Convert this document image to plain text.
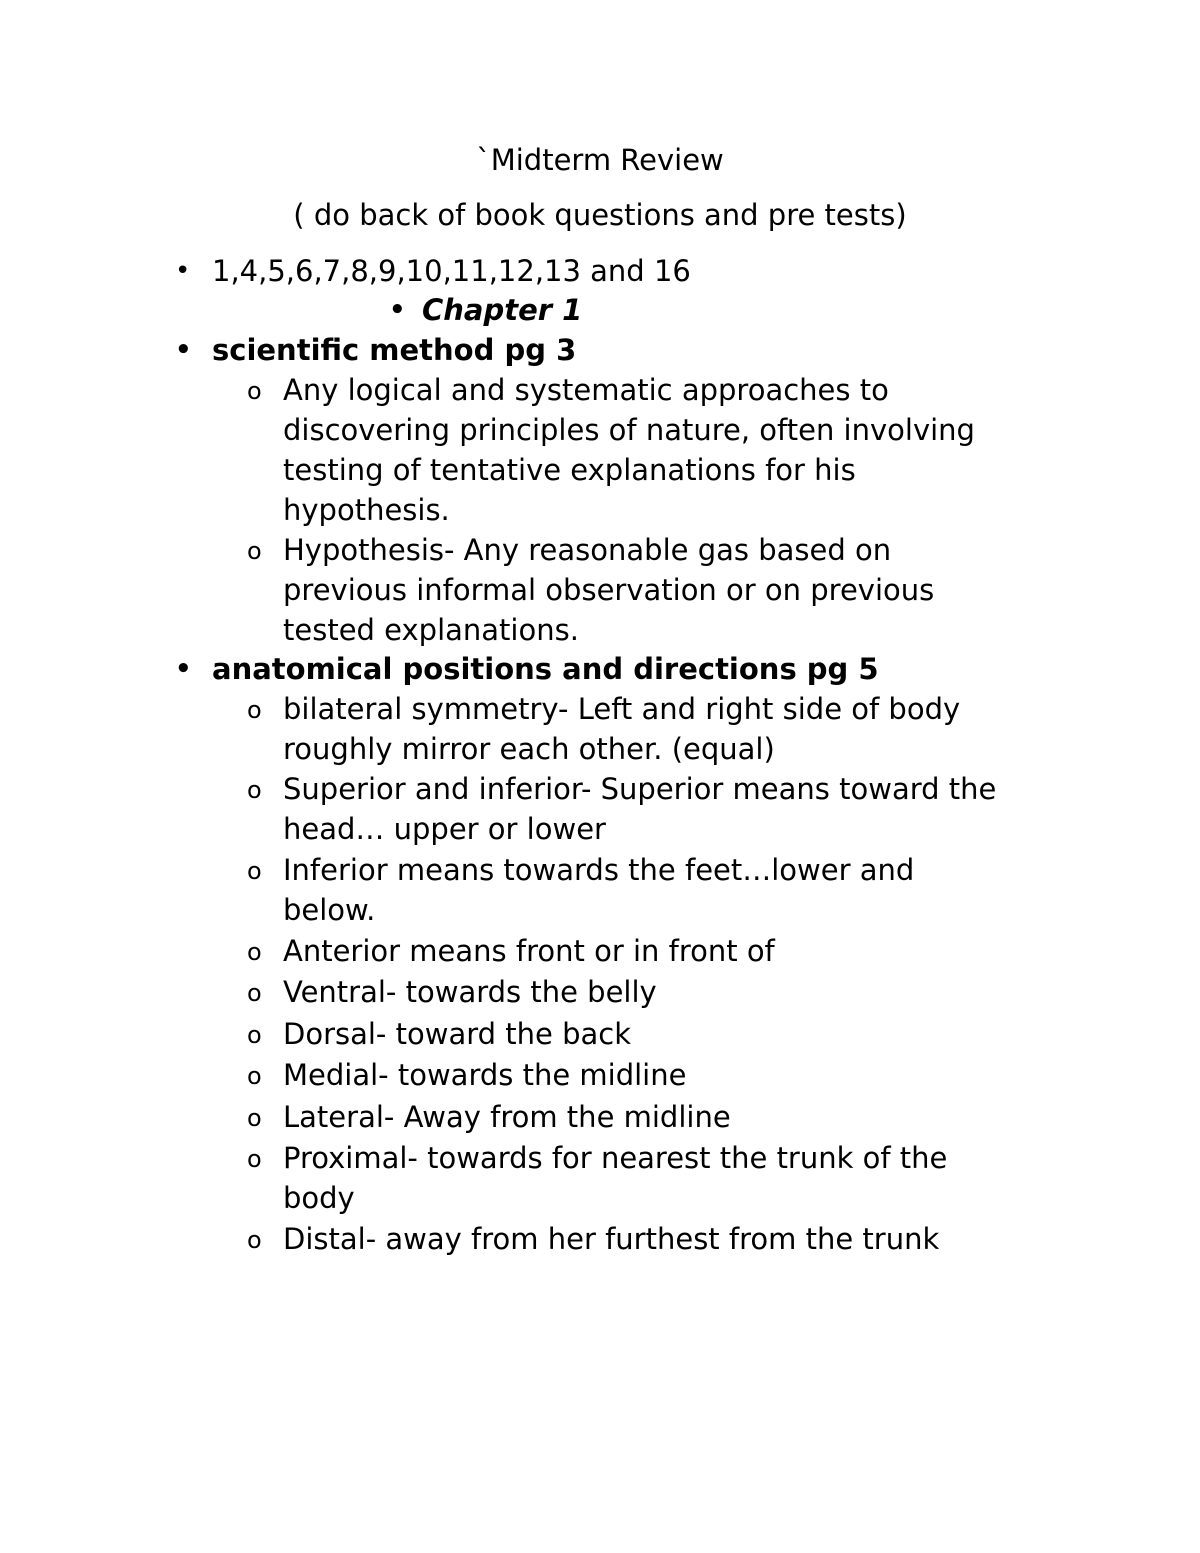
`Midterm Review
( do back of book questions and pre tests)
• 1,4,5,6,7,8,9,10,11,12,13 and 16
• Chapter 1
• scientific method pg 3
o Any logical and systematic approaches to
discovering principles of nature, often involving
testing of tentative explanations for his
hypothesis.
o Hypothesis- Any reasonable gas based on
previous informal observation or on previous
tested explanations.
• anatomical positions and directions pg 5
o bilateral symmetry- Left and right side of body
roughly mirror each other. (equal)
o Superior and inferior- Superior means toward the
head… upper or lower
o Inferior means towards the feet…lower and
below.
o Anterior means front or in front of
o Ventral- towards the belly
o Dorsal- toward the back
o Medial- towards the midline
o Lateral- Away from the midline
o Proximal- towards for nearest the trunk of the
body
o Distal- away from her furthest from the trunk
